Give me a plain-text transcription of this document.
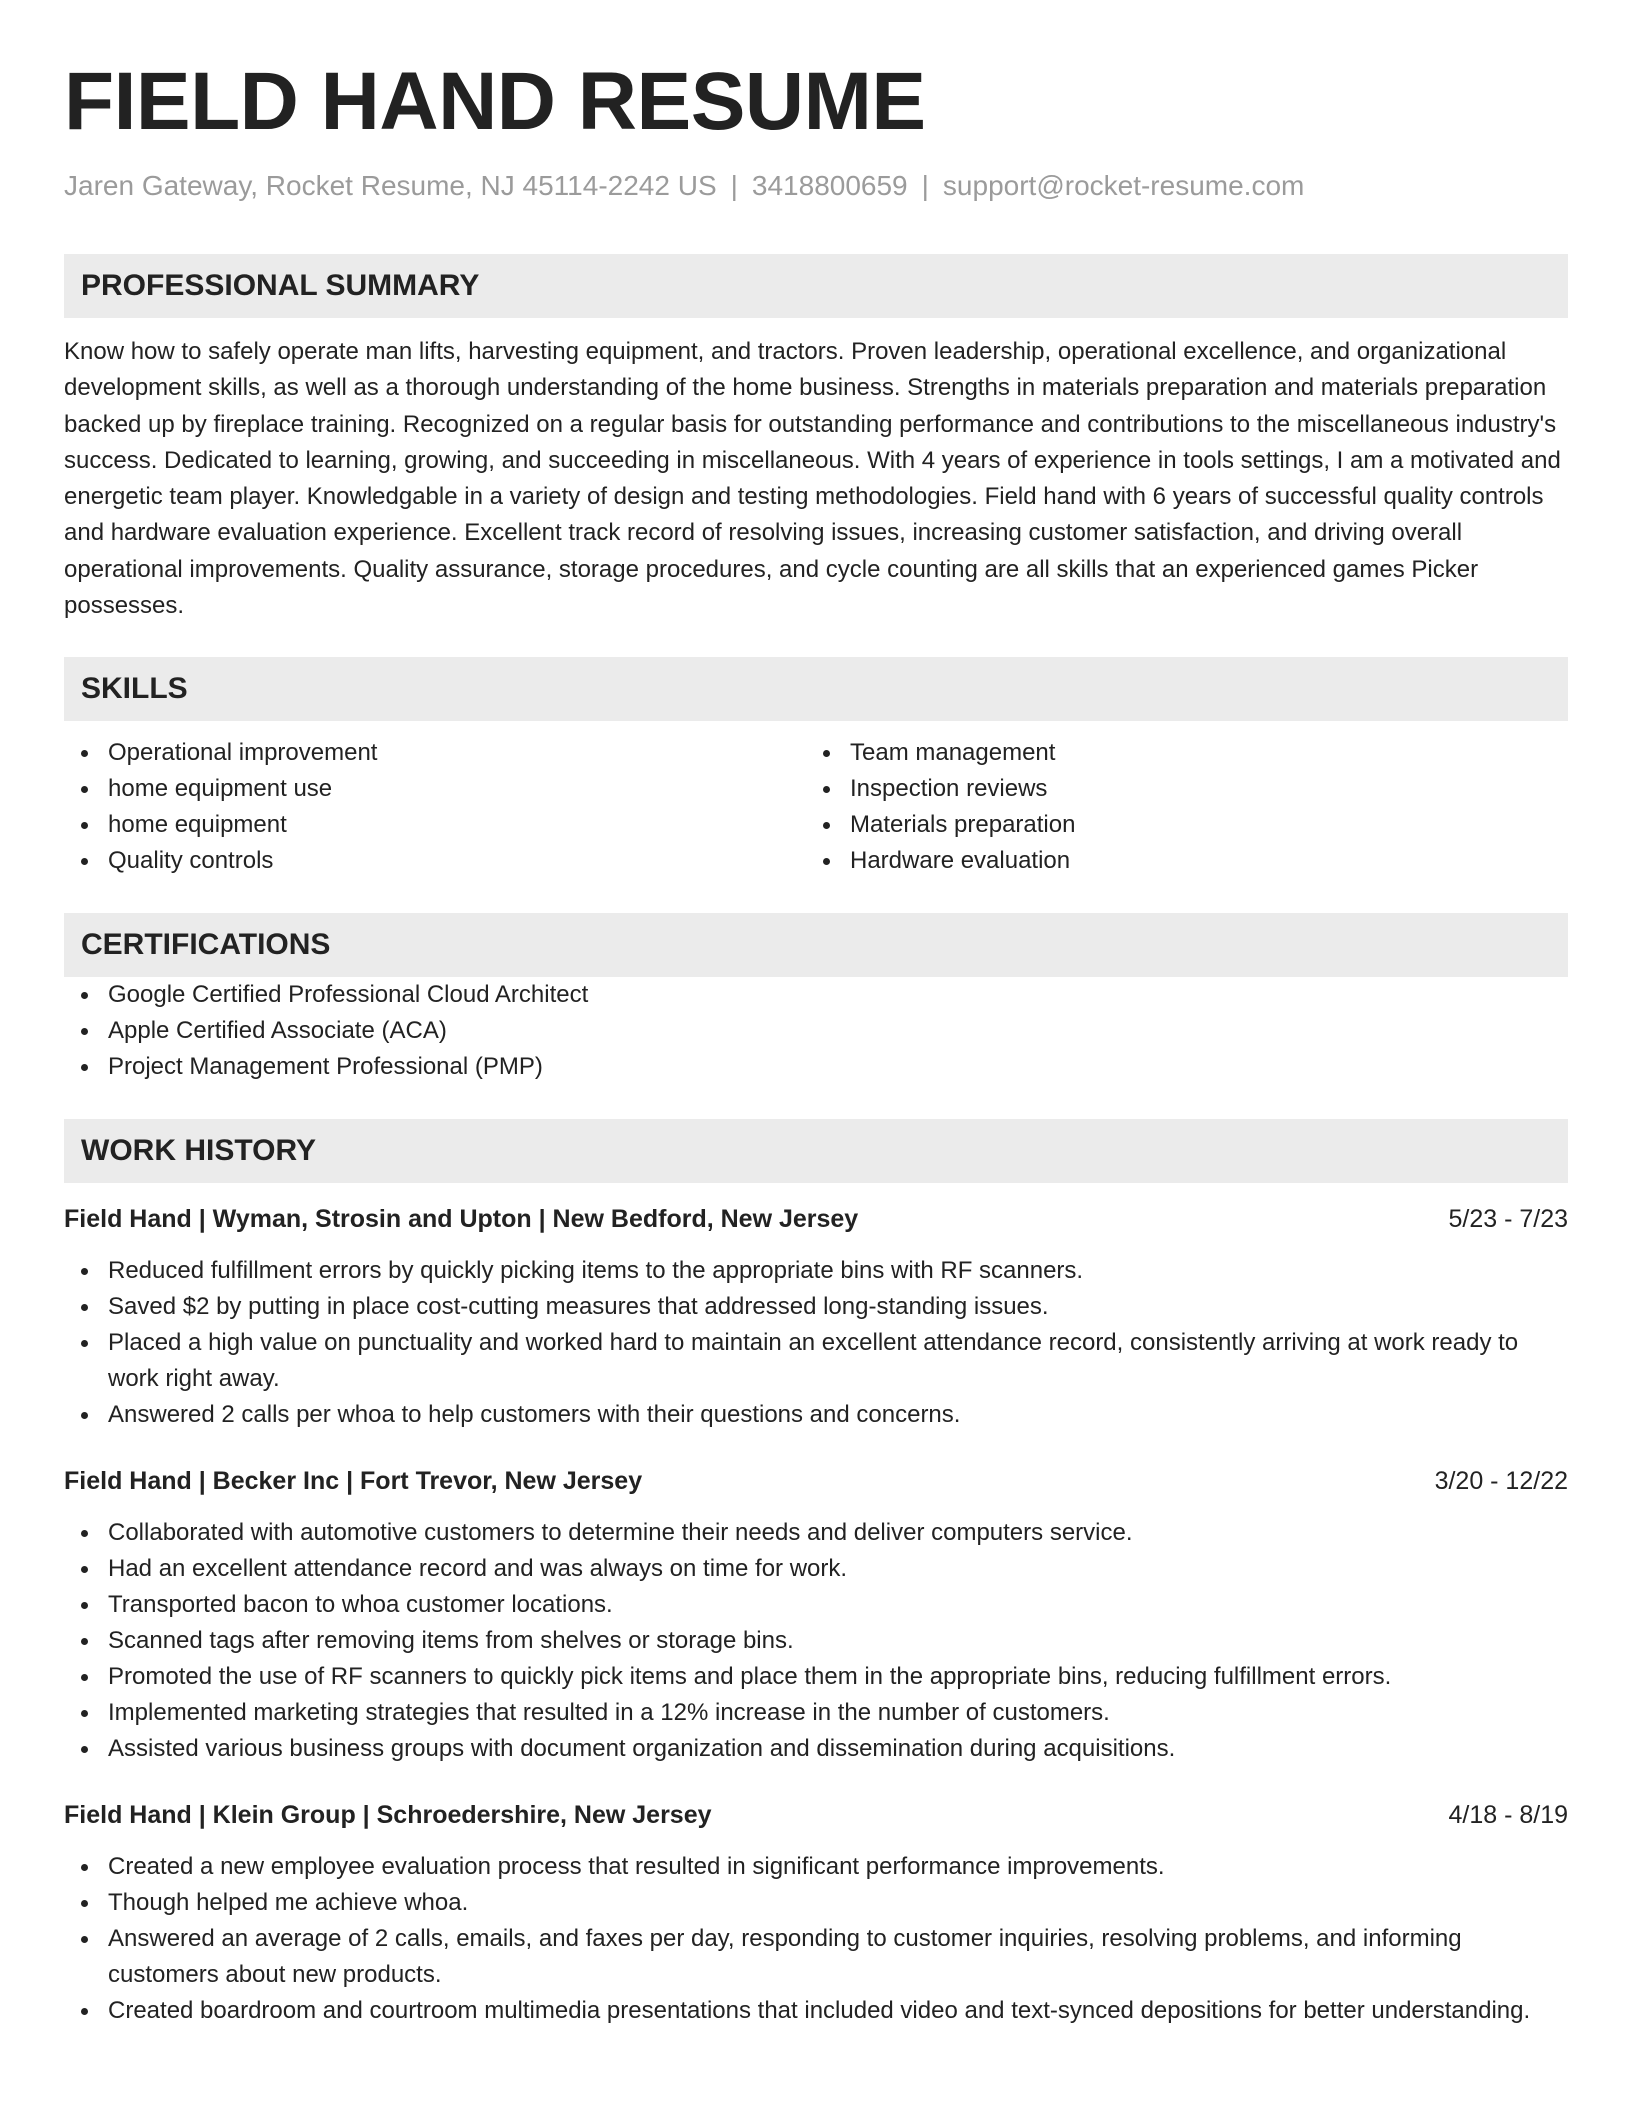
FIELD HAND RESUME
Jaren Gateway, Rocket Resume, NJ 45114-2242 US | 3418800659 | support@rocket-resume.com
PROFESSIONAL SUMMARY

Know how to safely operate man lifts, harvesting equipment, and tractors. Proven leadership, operational excellence, and organizational development skills, as well as a thorough understanding of the home business. Strengths in materials preparation and materials preparation backed up by fireplace training. Recognized on a regular basis for outstanding performance and contributions to the miscellaneous industry's success. Dedicated to learning, growing, and succeeding in miscellaneous. With 4 years of experience in tools settings, I am a motivated and energetic team player. Knowledgable in a variety of design and testing methodologies. Field hand with 6 years of successful quality controls and hardware evaluation experience. Excellent track record of resolving issues, increasing customer satisfaction, and driving overall operational improvements. Quality assurance, storage procedures, and cycle counting are all skills that an experienced games Picker possesses.

SKILLS
Operational improvement
home equipment use
home equipment
Quality controls
Team management
Inspection reviews
Materials preparation
Hardware evaluation
CERTIFICATIONS
Google Certified Professional Cloud Architect
Apple Certified Associate (ACA)
Project Management Professional (PMP)
WORK HISTORY
Field Hand | Wyman, Strosin and Upton | New Bedford, New Jersey	5/23 - 7/23
Reduced fulfillment errors by quickly picking items to the appropriate bins with RF scanners.
Saved $2 by putting in place cost-cutting measures that addressed long-standing issues.
Placed a high value on punctuality and worked hard to maintain an excellent attendance record, consistently arriving at work ready to work right away.
Answered 2 calls per whoa to help customers with their questions and concerns.
Field Hand | Becker Inc | Fort Trevor, New Jersey	3/20 - 12/22
Collaborated with automotive customers to determine their needs and deliver computers service.
Had an excellent attendance record and was always on time for work.
Transported bacon to whoa customer locations.
Scanned tags after removing items from shelves or storage bins.
Promoted the use of RF scanners to quickly pick items and place them in the appropriate bins, reducing fulfillment errors.
Implemented marketing strategies that resulted in a 12% increase in the number of customers.
Assisted various business groups with document organization and dissemination during acquisitions.
Field Hand | Klein Group | Schroedershire, New Jersey	4/18 - 8/19
Created a new employee evaluation process that resulted in significant performance improvements.
Though helped me achieve whoa.
Answered an average of 2 calls, emails, and faxes per day, responding to customer inquiries, resolving problems, and informing customers about new products.
Created boardroom and courtroom multimedia presentations that included video and text-synced depositions for better understanding.
